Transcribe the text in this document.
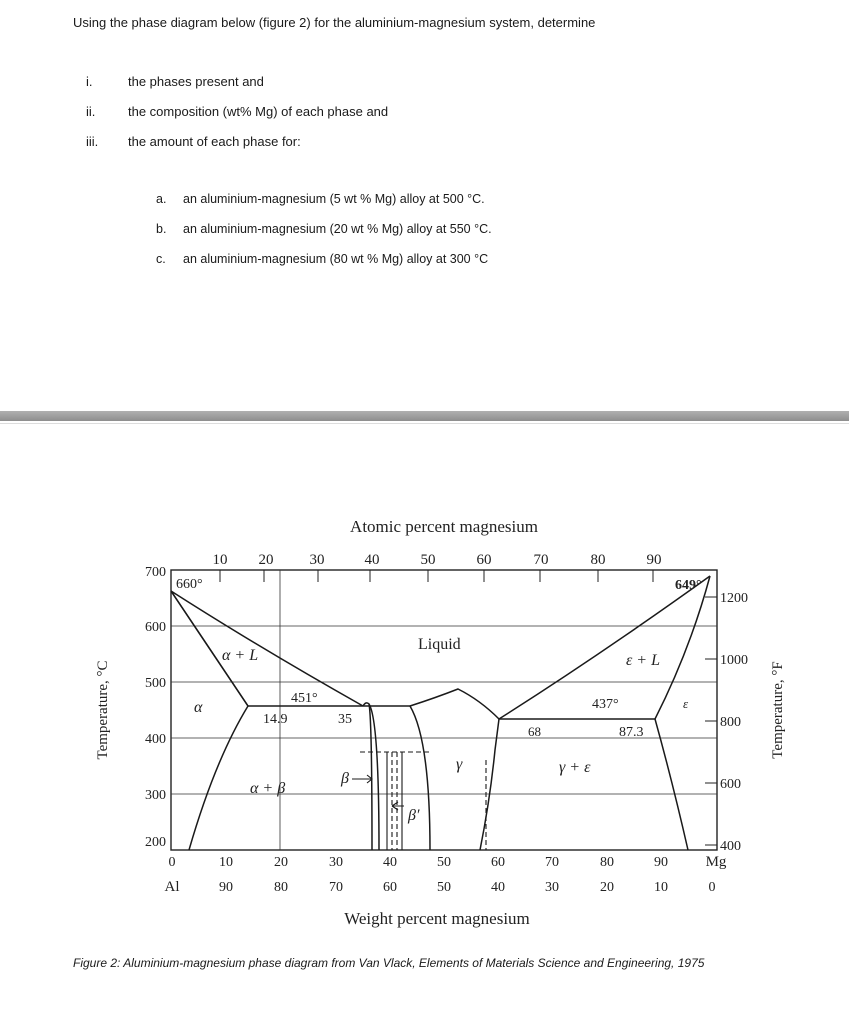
Using the phase diagram below (figure 2) for the aluminium-magnesium system, determine
i.	the phases present and
ii.	the composition (wt% Mg) of each phase and
iii. the amount of each phase for:
a. an aluminium-magnesium (5 wt % Mg) alloy at 500 °C.
b. an aluminium-magnesium (20 wt % Mg) alloy at 550 °C.
c. an aluminium-magnesium (80 wt % Mg) alloy at 300 °C
Atomic percent magnesium
10 20 30	40	50	60	70	80	90
700
600
500
400
300
200
1200
1000
800
600
400
Temperature, °C	Temperature, °F
0	10	20	30	40	50	60	70	80	90	Mg
Al	90	80	70	60	50	40	30	20	10	0
Weight percent magnesium
660°	649°
451°	437°
14.9	35
68	87.3
Liquid
α + L
α
α + β
β
β′
γ	γ + ε
ε + L
ε
Figure 2: Aluminium-magnesium phase diagram from Van Vlack, Elements of Materials Science and Engineering, 1975
